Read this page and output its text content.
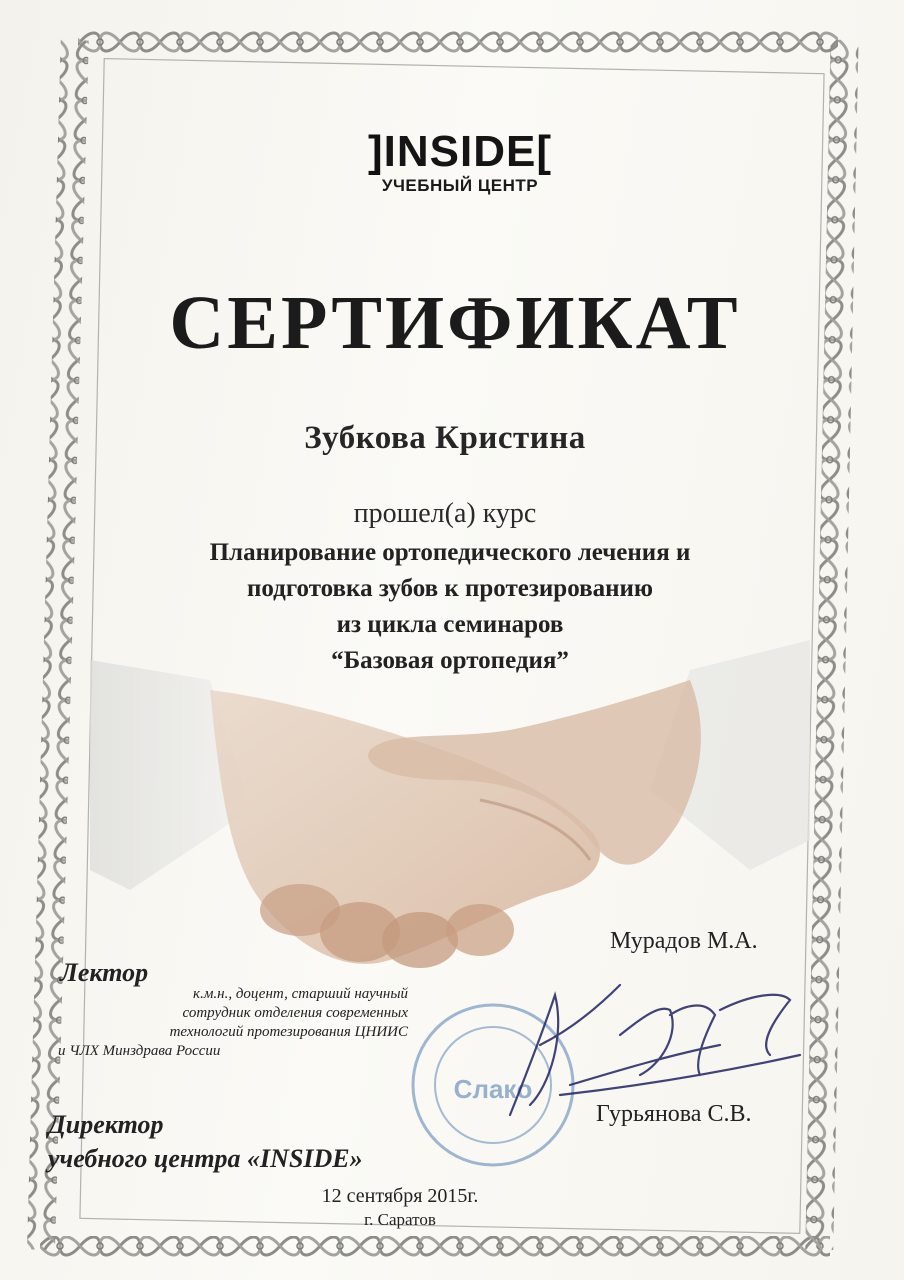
]INSIDE[
УЧЕБНЫЙ ЦЕНТР
СЕРТИФИКАТ
Зубкова Кристина
прошел(а) курс
Планирование ортопедического лечения и
подготовка зубов к протезированию
из цикла семинаров
“Базовая ортопедия”
Лектор
к.м.н., доцент, старший научный
сотрудник отделения современных
технологий протезирования ЦНИИС
и ЧЛХ Минздрава России
Мурадов М.А.
Слакo
Директор
учебного центра «INSIDE»
Гурьянова С.В.
12 сентября 2015г.
г. Саратов
